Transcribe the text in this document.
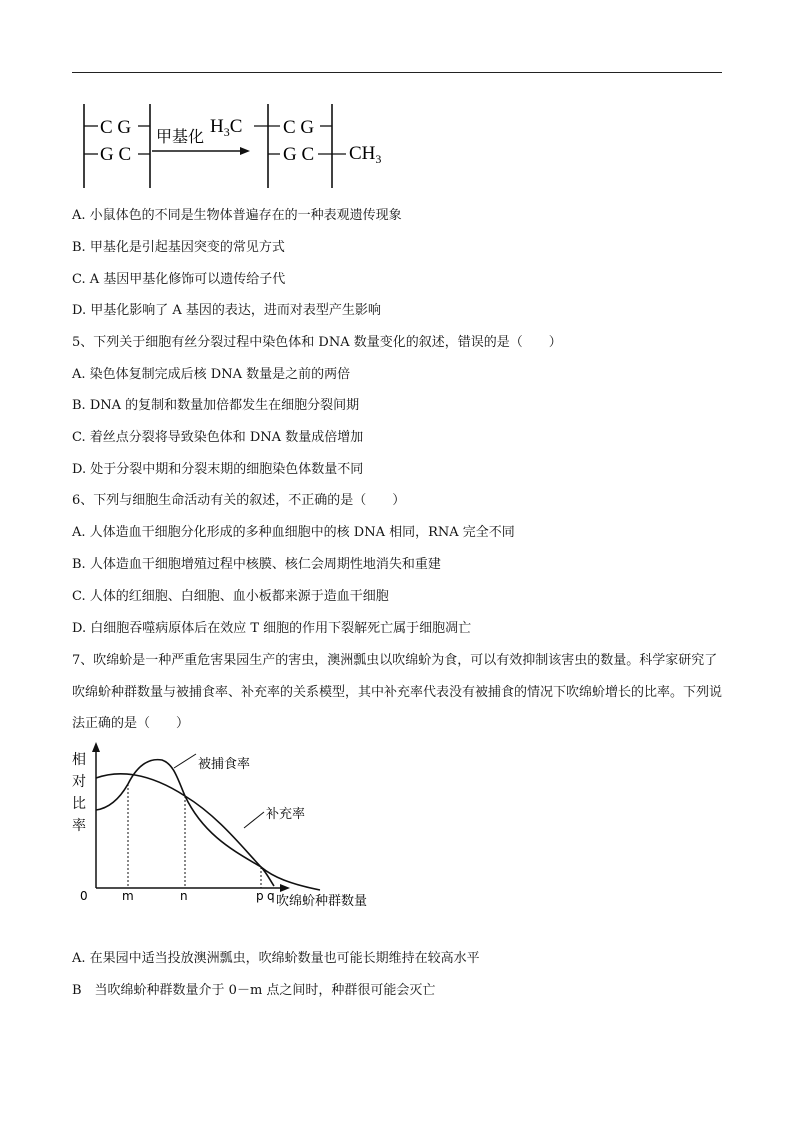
C G
G C
甲基化 $H_3C$ C G
G C $CH_3$
A. 小鼠体色的不同是生物体普遍存在的一种表观遗传现象
B. 甲基化是引起基因突变的常见方式
C. A 基因甲基化修饰可以遗传给子代
D. 甲基化影响了 A 基因的表达，进而对表型产生影响
5、下列关于细胞有丝分裂过程中染色体和 DNA 数量变化的叙述，错误的是（　　）
A. 染色体复制完成后核 DNA 数量是之前的两倍
B. DNA 的复制和数量加倍都发生在细胞分裂间期
C. 着丝点分裂将导致染色体和 DNA 数量成倍增加
D. 处于分裂中期和分裂末期的细胞染色体数量不同
6、下列与细胞生命活动有关的叙述，不正确的是（　　）
A. 人体造血干细胞分化形成的多种血细胞中的核 DNA 相同，RNA 完全不同
B. 人体造血干细胞增殖过程中核膜、核仁会周期性地消失和重建
C. 人体的红细胞、白细胞、血小板都来源于造血干细胞
D. 白细胞吞噬病原体后在效应 T 细胞的作用下裂解死亡属于细胞凋亡
7、吹绵蚧是一种严重危害果园生产的害虫，澳洲瓢虫以吹绵蚧为食，可以有效抑制该害虫的数量。科学家研究了吹绵蚧种群数量与被捕食率、补充率的关系模型，其中补充率代表没有被捕食的情况下吹绵蚧增长的比率。下列说法正确的是（　　）
相
对
比
率
0	m	n	p q 吹绵蚧种群数量
被捕食率
补充率
A. 在果园中适当投放澳洲瓢虫，吹绵蚧数量也可能长期维持在较高水平
B　当吹绵蚧种群数量介于 0－m 点之间时，种群很可能会灭亡
